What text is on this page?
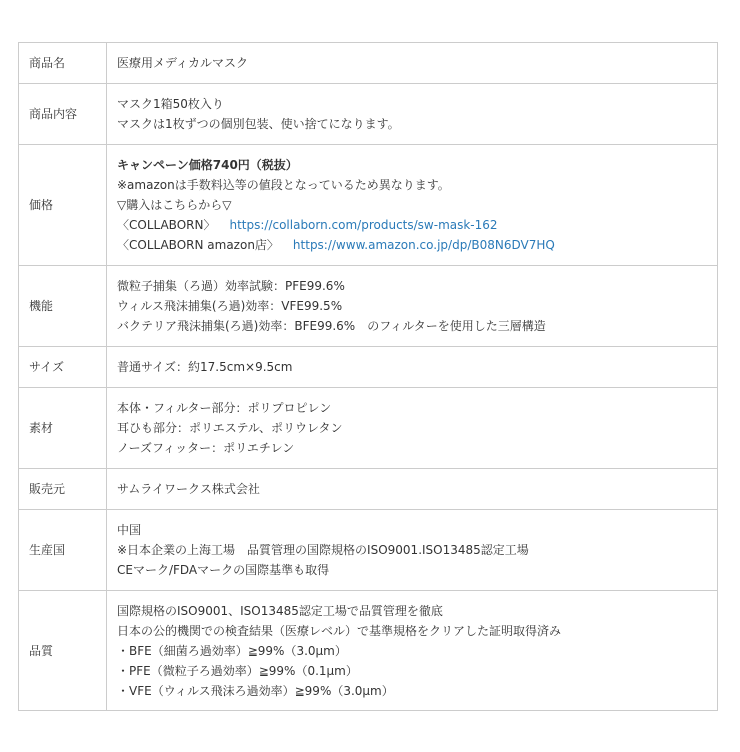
商品名	医療用メディカルマスク

商品内容	マスク1箱50枚入り
マスクは1枚ずつの個別包装、使い捨てになります。

価格	キャンペーン価格740円（税抜）
※amazonは手数料込等の値段となっているため異なります。
▽購入はこちらから▽
〈COLLABORN〉 https://collaborn.com/products/sw-mask-162
〈COLLABORN amazon店〉 https://www.amazon.co.jp/dp/B08N6DV7HQ

機能	微粒子捕集（ろ過）効率試験：PFE99.6%
ウィルス飛沫捕集(ろ過)効率：VFE99.5%
バクテリア飛沫捕集(ろ過)効率：BFE99.6%　のフィルターを使用した三層構造

サイズ	普通サイズ：約17.5cm×9.5cm

素材	本体・フィルター部分：ポリプロピレン
耳ひも部分：ポリエステル、ポリウレタン
ノーズフィッター：ポリエチレン

販売元	サムライワークス株式会社

生産国	中国
※日本企業の上海工場　品質管理の国際規格のISO9001.ISO13485認定工場
CEマーク/FDAマークの国際基準も取得

品質	国際規格のISO9001、ISO13485認定工場で品質管理を徹底
日本の公的機関での検査結果（医療レベル）で基準規格をクリアした証明取得済み
・BFE（細菌ろ過効率）≧99%（3.0μm）
・PFE（微粒子ろ過効率）≧99%（0.1μm）
・VFE（ウィルス飛沫ろ過効率）≧99%（3.0μm）
